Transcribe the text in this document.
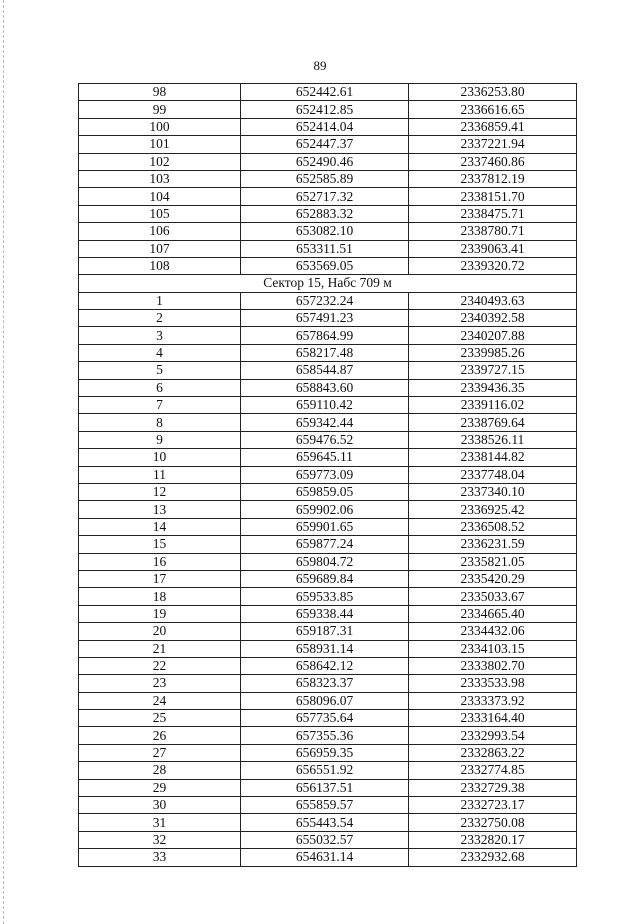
89
98	652442.61	2336253.80
99	652412.85	2336616.65
100	652414.04	2336859.41
101	652447.37	2337221.94
102	652490.46	2337460.86
103	652585.89	2337812.19
104	652717.32	2338151.70
105	652883.32	2338475.71
106	653082.10	2338780.71
107	653311.51	2339063.41
108	653569.05	2339320.72
Сектор 15, Набс 709 м		
1	657232.24	2340493.63
2	657491.23	2340392.58
3	657864.99	2340207.88
4	658217.48	2339985.26
5	658544.87	2339727.15
6	658843.60	2339436.35
7	659110.42	2339116.02
8	659342.44	2338769.64
9	659476.52	2338526.11
10	659645.11	2338144.82
11	659773.09	2337748.04
12	659859.05	2337340.10
13	659902.06	2336925.42
14	659901.65	2336508.52
15	659877.24	2336231.59
16	659804.72	2335821.05
17	659689.84	2335420.29
18	659533.85	2335033.67
19	659338.44	2334665.40
20	659187.31	2334432.06
21	658931.14	2334103.15
22	658642.12	2333802.70
23	658323.37	2333533.98
24	658096.07	2333373.92
25	657735.64	2333164.40
26	657355.36	2332993.54
27	656959.35	2332863.22
28	656551.92	2332774.85
29	656137.51	2332729.38
30	655859.57	2332723.17
31	655443.54	2332750.08
32	655032.57	2332820.17
33	654631.14	2332932.68
